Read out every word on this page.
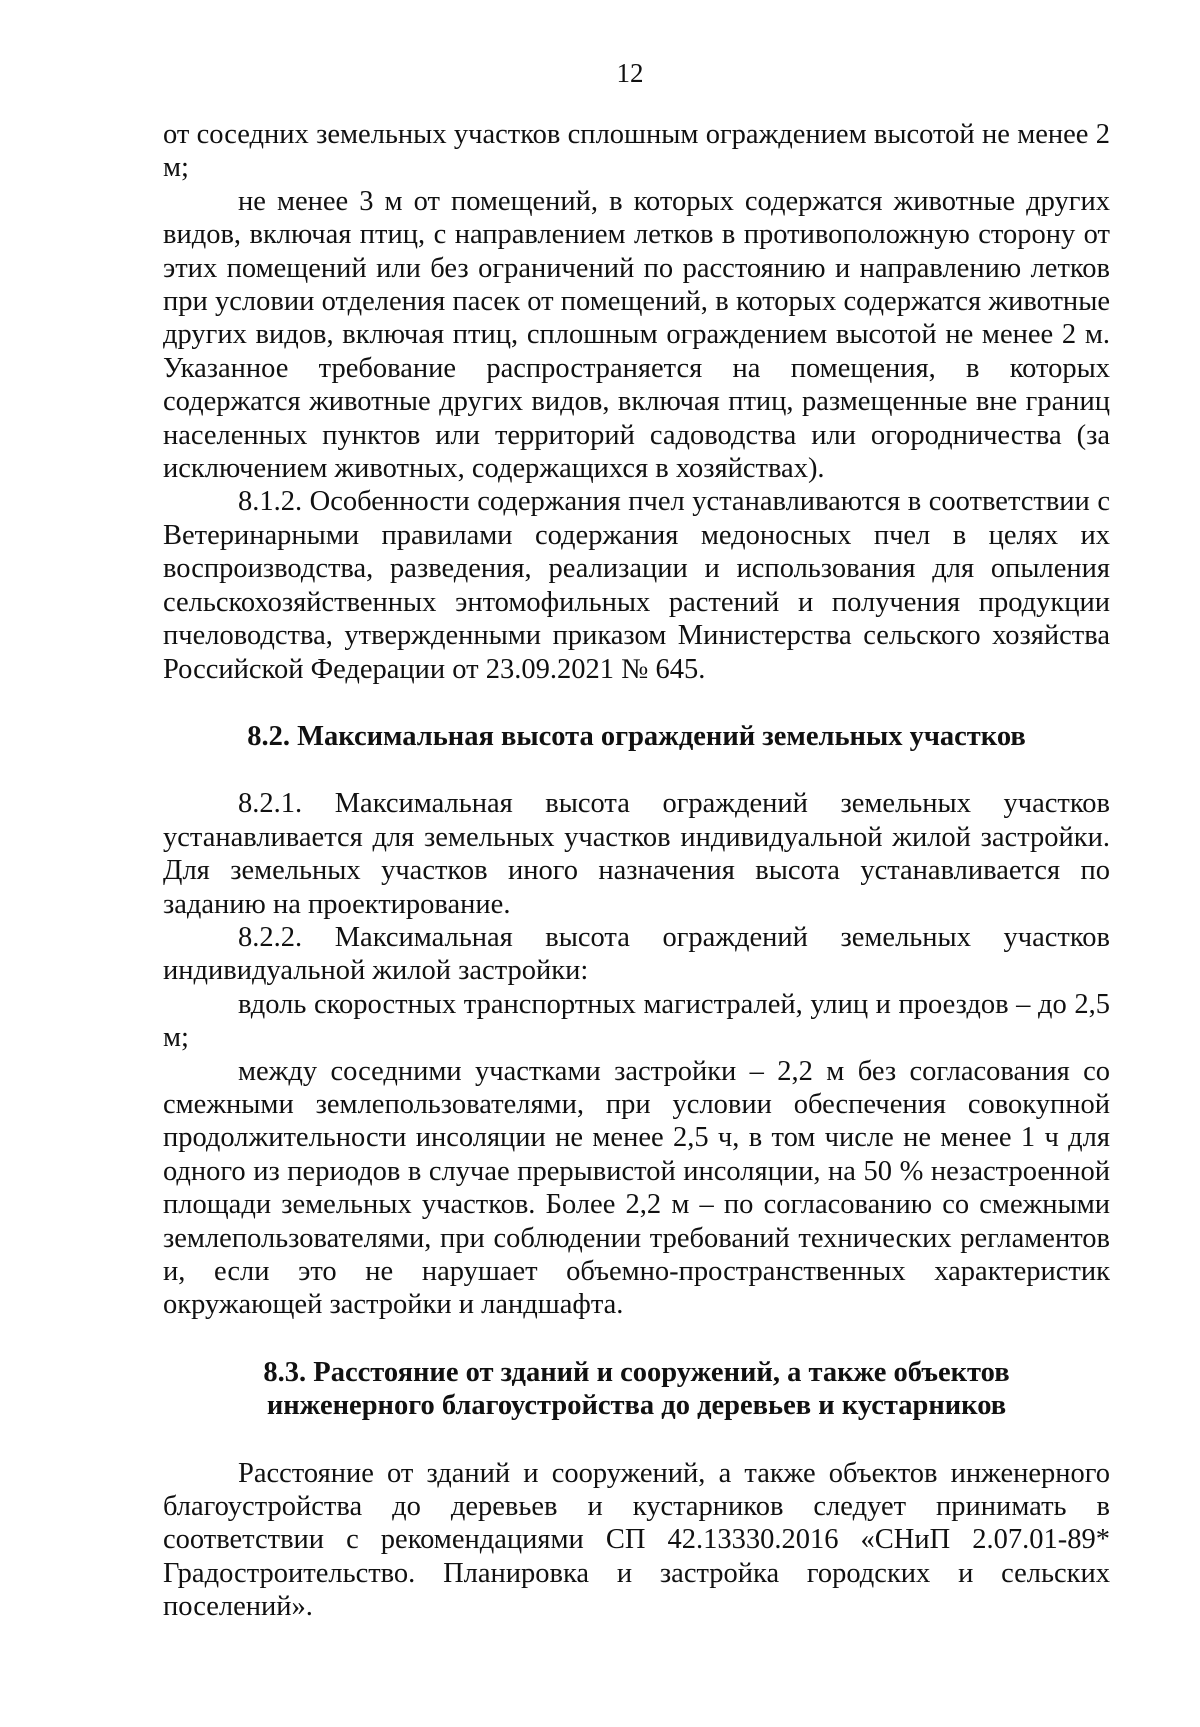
12

от соседних земельных участков сплошным ограждением высотой не менее 2 м;

не менее 3 м от помещений, в которых содержатся животные других видов, включая птиц, с направлением летков в противоположную сторону от этих помещений или без ограничений по расстоянию и направлению летков при условии отделения пасек от помещений, в которых содержатся животные других видов, включая птиц, сплошным ограждением высотой не менее 2 м. Указанное требование распространяется на помещения, в которых содержатся животные других видов, включая птиц, размещенные вне границ населенных пунктов или территорий садоводства или огородничества (за исключением животных, содержащихся в хозяйствах).

8.1.2. Особенности содержания пчел устанавливаются в соответствии с Ветеринарными правилами содержания медоносных пчел в целях их воспроизводства, разведения, реализации и использования для опыления сельскохозяйственных энтомофильных растений и получения продукции пчеловодства, утвержденными приказом Министерства сельского хозяйства Российской Федерации от 23.09.2021 № 645.

8.2. Максимальная высота ограждений земельных участков

8.2.1. Максимальная высота ограждений земельных участков устанавливается для земельных участков индивидуальной жилой застройки. Для земельных участков иного назначения высота устанавливается по заданию на проектирование.

8.2.2. Максимальная высота ограждений земельных участков индивидуальной жилой застройки:

вдоль скоростных транспортных магистралей, улиц и проездов – до 2,5 м;

между соседними участками застройки – 2,2 м без согласования со смежными землепользователями, при условии обеспечения совокупной продолжительности инсоляции не менее 2,5 ч, в том числе не менее 1 ч для одного из периодов в случае прерывистой инсоляции, на 50 % незастроенной площади земельных участков. Более 2,2 м – по согласованию со смежными землепользователями, при соблюдении требований технических регламентов и, если это не нарушает объемно-пространственных характеристик окружающей застройки и ландшафта.

8.3. Расстояние от зданий и сооружений, а также объектов

инженерного благоустройства до деревьев и кустарников

Расстояние от зданий и сооружений, а также объектов инженерного благоустройства до деревьев и кустарников следует принимать в соответствии с рекомендациями СП 42.13330.2016 «СНиП 2.07.01-89* Градостроительство. Планировка и застройка городских и сельских поселений».
